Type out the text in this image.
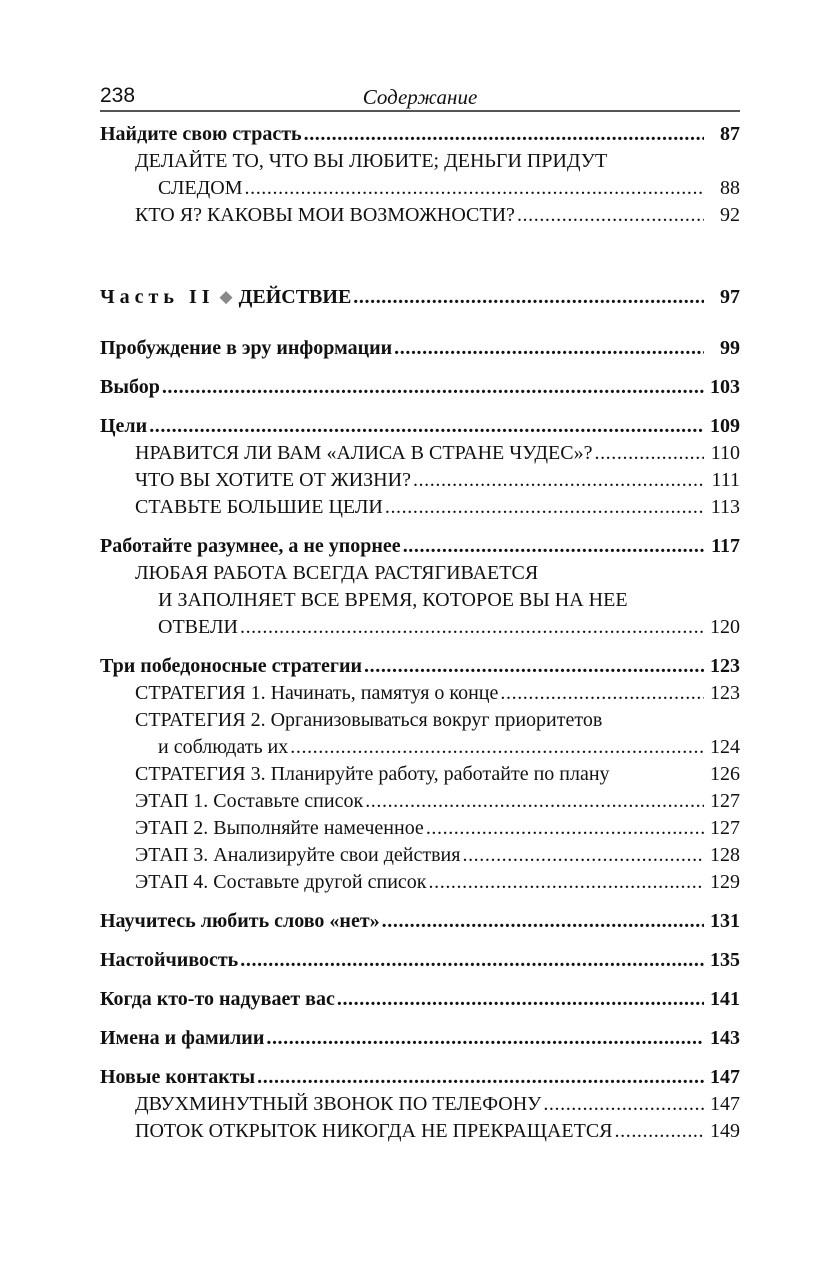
238	Содержание
Найдите свою страсть .....	87
ДЕЛАЙТЕ ТО, ЧТО ВЫ ЛЮБИТЕ; ДЕНЬГИ ПРИДУТ
СЛЕДОМ .....	88
КТО Я? КАКОВЫ МОИ ВОЗМОЖНОСТИ? .....	92
Часть II ◆ ДЕЙСТВИЕ .....	97
Пробуждение в эру информации .....	99
Выбор .....	103
Цели .....	109
НРАВИТСЯ ЛИ ВАМ «АЛИСА В СТРАНЕ ЧУДЕС»? .....	110
ЧТО ВЫ ХОТИТЕ ОТ ЖИЗНИ? .....	111
СТАВЬТЕ БОЛЬШИЕ ЦЕЛИ .....	113
Работайте разумнее, а не упорнее .....	117
ЛЮБАЯ РАБОТА ВСЕГДА РАСТЯГИВАЕТСЯ
И ЗАПОЛНЯЕТ ВСЕ ВРЕМЯ, КОТОРОЕ ВЫ НА НЕЕ
ОТВЕЛИ .....	120
Три победоносные стратегии .....	123
СТРАТЕГИЯ 1. Начинать, памятуя о конце .....	123
СТРАТЕГИЯ 2. Организовываться вокруг приоритетов
и соблюдать их .....	124
СТРАТЕГИЯ 3. Планируйте работу, работайте по плану	126
ЭТАП 1. Составьте список .....	127
ЭТАП 2. Выполняйте намеченное .....	127
ЭТАП 3. Анализируйте свои действия .....	128
ЭТАП 4. Составьте другой список .....	129
Научитесь любить слово «нет» .....	131
Настойчивость .....	135
Когда кто-то надувает вас .....	141
Имена и фамилии .....	143
Новые контакты .....	147
ДВУХМИНУТНЫЙ ЗВОНОК ПО ТЕЛЕФОНУ .....	147
ПОТОК ОТКРЫТОК НИКОГДА НЕ ПРЕКРАЩАЕТСЯ .....	149
